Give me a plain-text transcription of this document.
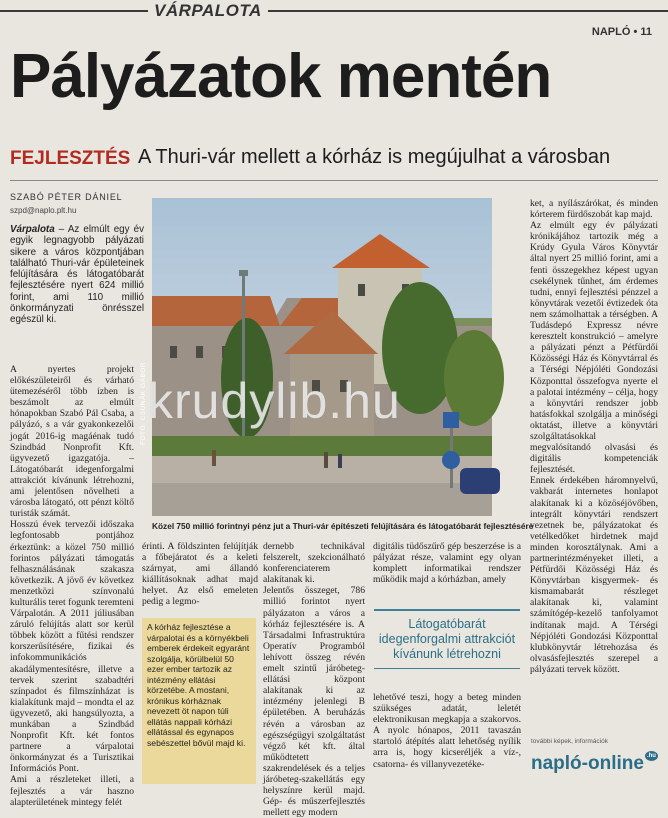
VÁRPALOTA
NAPLÓ • 11
Pályázatok mentén
FEJLESZTÉS A Thuri-vár mellett a kórház is megújulhat a városban
SZABÓ PÉTER DÁNIEL
szpd@naplo.plt.hu
Várpalota – Az elmúlt egy év egyik legnagyobb pályázati sikere a város központjában található Thuri-vár épületeinek felújítására és látogatóbarát fejlesztésére nyert 624 millió forint, ami 110 millió önkormányzati önrésszel egészül ki.
A nyertes projekt előkészületeiről és várható ütemezéséről több ízben is beszámolt az elmúlt hónapokban Szabó Pál Csaba, a pályázó, s a vár gyakonkezelői jogát 2016-ig magáénak tudó Szindbád Nonprofit Kft. ügyvezető igazgatója. – Látogatóbarát idegenforgalmi attrakciót kívánunk létrehozni, ami jelentősen növelheti a városba látogató, ott pénzt költő turisták számát.
Hosszú évek tervezői időszaka legfontosabb pontjához érkeztünk: a közel 750 millió forintos pályázati támogatás felhasználásának szakasza következik. A jövő év következ menzetközi színvonalú kulturális teret fogunk teremteni Várpalotán. A 2011 júliusában záruló felújítás alatt sor kerül többek között a fűtési rendszer korszerűsítésére, fizikai és infokommunikációs akadálymentesítésre, illetve a tervek szerint szabadtéri színpadot és filmszínházat is kialakítunk majd – mondta el az ügyvezető, aki hangsúlyozta, a munkában a Szindbád Nonprofit Kft. két fontos partnere a várpalotai önkormányzat és a Turisztikai Információs Pont.
Ami a részleteket illeti, a fejlesztés a vár haszno alapterületének mintegy felét
krudylib.hu
FOTÓ: CSUNÁK GÁBOR
Közel 750 millió forintnyi pénz jut a Thuri-vár építészeti felújítására és látogatóbarát fejlesztésére
érinti. A földszinten felújítják a főbejáratot és a keleti szárnyat, ami állandó kiállításoknak adhat majd helyet. Az első emeleten pedig a legmo-
A kórház fejlesztése a várpalotai és a környékbeli emberek érdekeit egyaránt szolgálja, körülbelül 50 ezer ember tartozik az intézmény ellátási körzetébe. A mostani, krónikus kórháznak nevezett öt napon túli ellátás nappali kórházi ellátással és egynapos sebészettel bővül majd ki.
dernebb technikával felszerelt, szekcionálható konferenciaterem alakítanak ki.
Jelentős összeget, 786 millió forintot nyert pályázaton a város a kórház fejlesztésére is. A Társadalmi Infrastruktúra Operatív Programból lehívott összeg révén emelt szintű járóbeteg-ellátási központ alakítanak ki az intézmény jelenlegi B épületében. A beruházás révén a városban az egészségügyi szolgáltatást végző két kft. által működtetett szakrendelések és a teljes járóbeteg-szakellátás egy helyszínre kerül majd. Gép- és műszerfejlesztés mellett egy modern
digitális tüdőszűrő gép beszerzése is a pályázat része, valamint egy olyan komplett informatikai rendszer működik majd a kórházban, amely
Látogatóbarát idegenforgalmi attrakciót kívánunk létrehozni
lehetővé teszi, hogy a beteg minden szükséges adatát, leletét elektronikusan megkapja a szakorvos. A nyolc hónapos, 2011 tavaszán startoló átépítés alatt lehetőség nyílik arra is, hogy kicseréljék a víz-, csatorna- és villanyvezetéke-
ket, a nyílászárókat, és minden kórterem fürdőszobát kap majd.
Az elmúlt egy év pályázati krónikájához tartozik még a Krúdy Gyula Város Könyvtár által nyert 25 millió forint, ami a fenti összegekhez képest ugyan csekélynek tűnhet, ám érdemes tudni, ennyi fejlesztési pénzzel a könyvtárak vezetői évtizedek óta nem számolhattak a térségben. A Tudásdepó Expressz névre keresztelt konstrukció – amelyre a pályázati pénzt a Pétfürdői Közösségi Ház és Könyvtárral és a Térségi Népjóléti Gondozási Központtal összefogva nyerte el a palotai intézmény – célja, hogy a könyvtári rendszer jobb hatásfokkal szolgálja a minőségi oktatást, illetve a könyvtári szolgáltatásokkal megvalósítandó olvasási és digitális kompetenciák fejlesztését.
Ennek érdekében háromnyelvű, vakbarát internetes honlapot alakítanak ki a közöséjövőben, integrált könyvtári rendszert vezetnek be, pályázatokat és vetélkedőket hirdetnek majd minden korosztálynak. Ami a partnerintézményeket illeti, a Pétfürdői Közösségi Ház és Könyvtárban kisgyermek- és kismamabarát részleget alakítanak ki, valamint számítógép-kezelő tanfolyamot indítanak majd. A Térségi Népjóléti Gondozási Központtal klubkönyvtár létrehozása és olvasásfejlesztés szerepel a pályázati tervek között.
további képek, információk
napló-online $^{.hu}$
